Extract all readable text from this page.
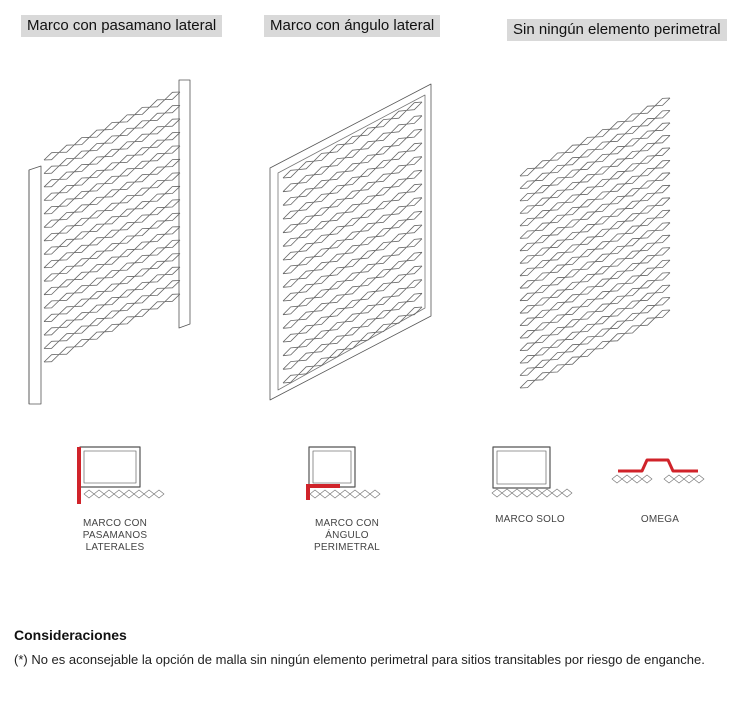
Marco con pasamano lateral	Marco con ángulo lateral	Sin ningún elemento perimetral
MARCO CON
PASAMANOS
LATERALES
MARCO CON
ÁNGULO
PERIMETRAL
MARCO SOLO	OMEGA
Consideraciones
(*) No es aconsejable la opción de malla sin ningún elemento perimetral para sitios transitables por riesgo de enganche.
